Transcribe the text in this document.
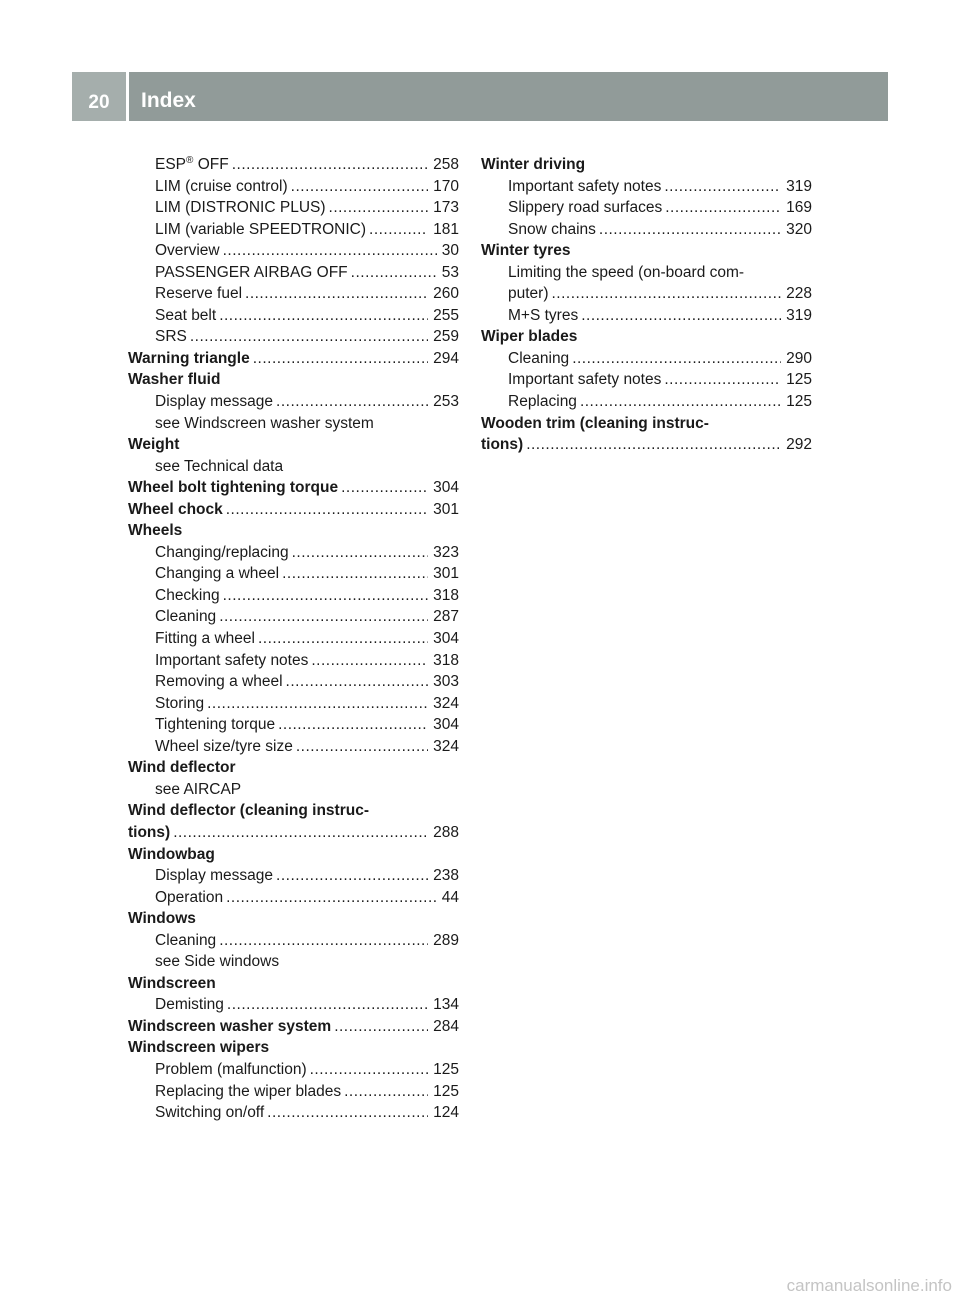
20	Index
ESP® OFF .....	258
LIM (cruise control) .....	170
LIM (DISTRONIC PLUS) .....	173
LIM (variable SPEEDTRONIC) .....	181
Overview .....	30
PASSENGER AIRBAG OFF .....	53
Reserve fuel .....	260
Seat belt .....	255
SRS .....	259
Warning triangle .....	294
Washer fluid
Display message .....	253
see Windscreen washer system
Weight
see Technical data
Wheel bolt tightening torque .....	304
Wheel chock .....	301
Wheels
Changing/replacing .....	323
Changing a wheel .....	301
Checking .....	318
Cleaning .....	287
Fitting a wheel .....	304
Important safety notes .....	318
Removing a wheel .....	303
Storing .....	324
Tightening torque .....	304
Wheel size/tyre size .....	324
Wind deflector
see AIRCAP
Wind deflector (cleaning instruc-
tions) .....	288
Windowbag
Display message .....	238
Operation .....	44
Windows
Cleaning .....	289
see Side windows
Windscreen
Demisting .....	134
Windscreen washer system .....	284
Windscreen wipers
Problem (malfunction) .....	125
Replacing the wiper blades .....	125
Switching on/off .....	124
Winter driving
Important safety notes .....	319
Slippery road surfaces .....	169
Snow chains .....	320
Winter tyres
Limiting the speed (on-board com-
puter) .....	228
M+S tyres .....	319
Wiper blades
Cleaning .....	290
Important safety notes .....	125
Replacing .....	125
Wooden trim (cleaning instruc-
tions) .....	292
carmanualsonline.info
